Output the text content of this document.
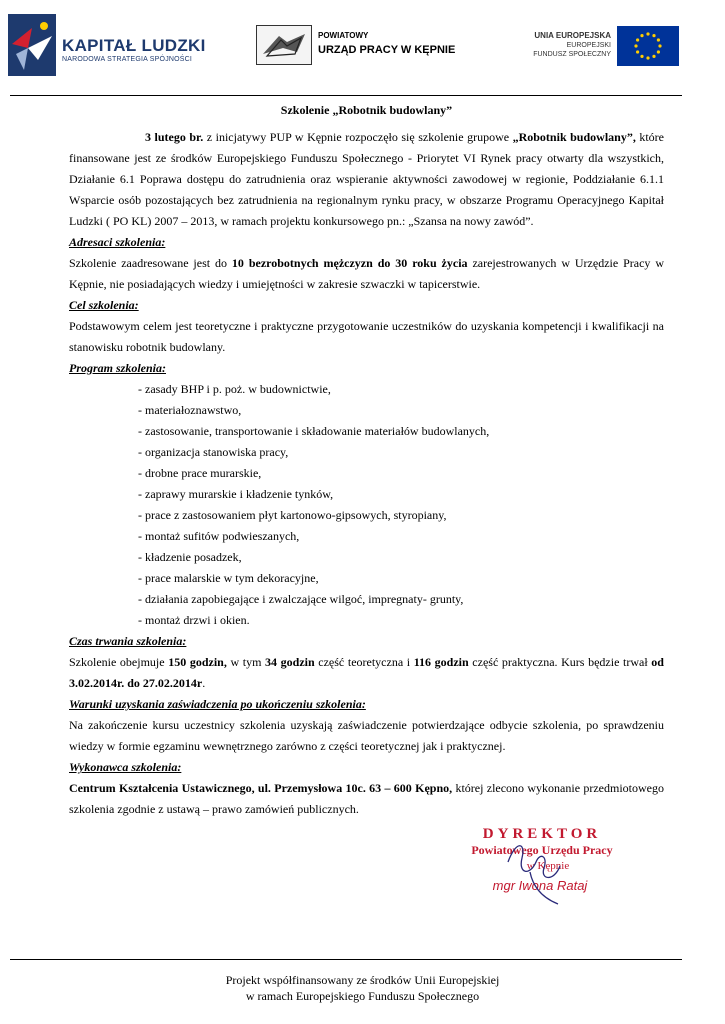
KAPITAŁ LUDZKI
NARODOWA STRATEGIA SPÓJNOŚCI
POWIATOWY
URZĄD PRACY W KĘPNIE
UNIA EUROPEJSKA
EUROPEJSKI
FUNDUSZ SPOŁECZNY
Szkolenie „Robotnik budowlany”

3 lutego br. z inicjatywy PUP w Kępnie rozpoczęło się szkolenie grupowe „Robotnik budowlany”, które finansowane jest ze środków Europejskiego Funduszu Społecznego - Priorytet VI Rynek pracy otwarty dla wszystkich, Działanie 6.1 Poprawa dostępu do zatrudnienia oraz wspieranie aktywności zawodowej w regionie, Poddziałanie 6.1.1 Wsparcie osób pozostających bez zatrudnienia na regionalnym rynku pracy, w obszarze Programu Operacyjnego Kapitał Ludzki ( PO KL) 2007 – 2013, w ramach projektu konkursowego pn.: „Szansa na nowy zawód”.

Adresaci szkolenia:

Szkolenie zaadresowane jest do 10 bezrobotnych mężczyzn do 30 roku życia zarejestrowanych w Urzędzie Pracy w Kępnie, nie posiadających wiedzy i umiejętności w zakresie szwaczki w tapicerstwie.

Cel szkolenia:

Podstawowym celem jest teoretyczne i praktyczne przygotowanie uczestników do uzyskania kompetencji i kwalifikacji na stanowisku robotnik budowlany.

Program szkolenia:
- zasady BHP i p. poż. w budownictwie,
- materiałoznawstwo,
- zastosowanie, transportowanie i składowanie materiałów budowlanych,
- organizacja stanowiska pracy,
- drobne prace murarskie,
- zaprawy murarskie i kładzenie tynków,
- prace z zastosowaniem płyt kartonowo-gipsowych, styropiany,
- montaż sufitów podwieszanych,
- kładzenie posadzek,
- prace malarskie w tym dekoracyjne,
- działania zapobiegające i zwalczające wilgoć, impregnaty- grunty,
- montaż drzwi i okien.
Czas trwania szkolenia:

Szkolenie obejmuje 150 godzin, w tym 34 godzin część teoretyczna i 116 godzin część praktyczna. Kurs będzie trwał od 3.02.2014r. do 27.02.2014r.

Warunki uzyskania zaświadczenia po ukończeniu szkolenia:

Na zakończenie kursu uczestnicy szkolenia uzyskają zaświadczenie potwierdzające odbycie szkolenia, po sprawdzeniu wiedzy w formie egzaminu wewnętrznego zarówno z części teoretycznej jak i praktycznej.

Wykonawca szkolenia:

Centrum Kształcenia Ustawicznego, ul. Przemysłowa 10c. 63 – 600 Kępno, której zlecono wykonanie przedmiotowego szkolenia zgodnie z ustawą – prawo zamówień publicznych.

DYREKTOR
Powiatowego Urzędu Pracy
w Kępnie
mgr Iwona Rataj
Projekt współfinansowany ze środków Unii Europejskiej
w ramach Europejskiego Funduszu Społecznego
